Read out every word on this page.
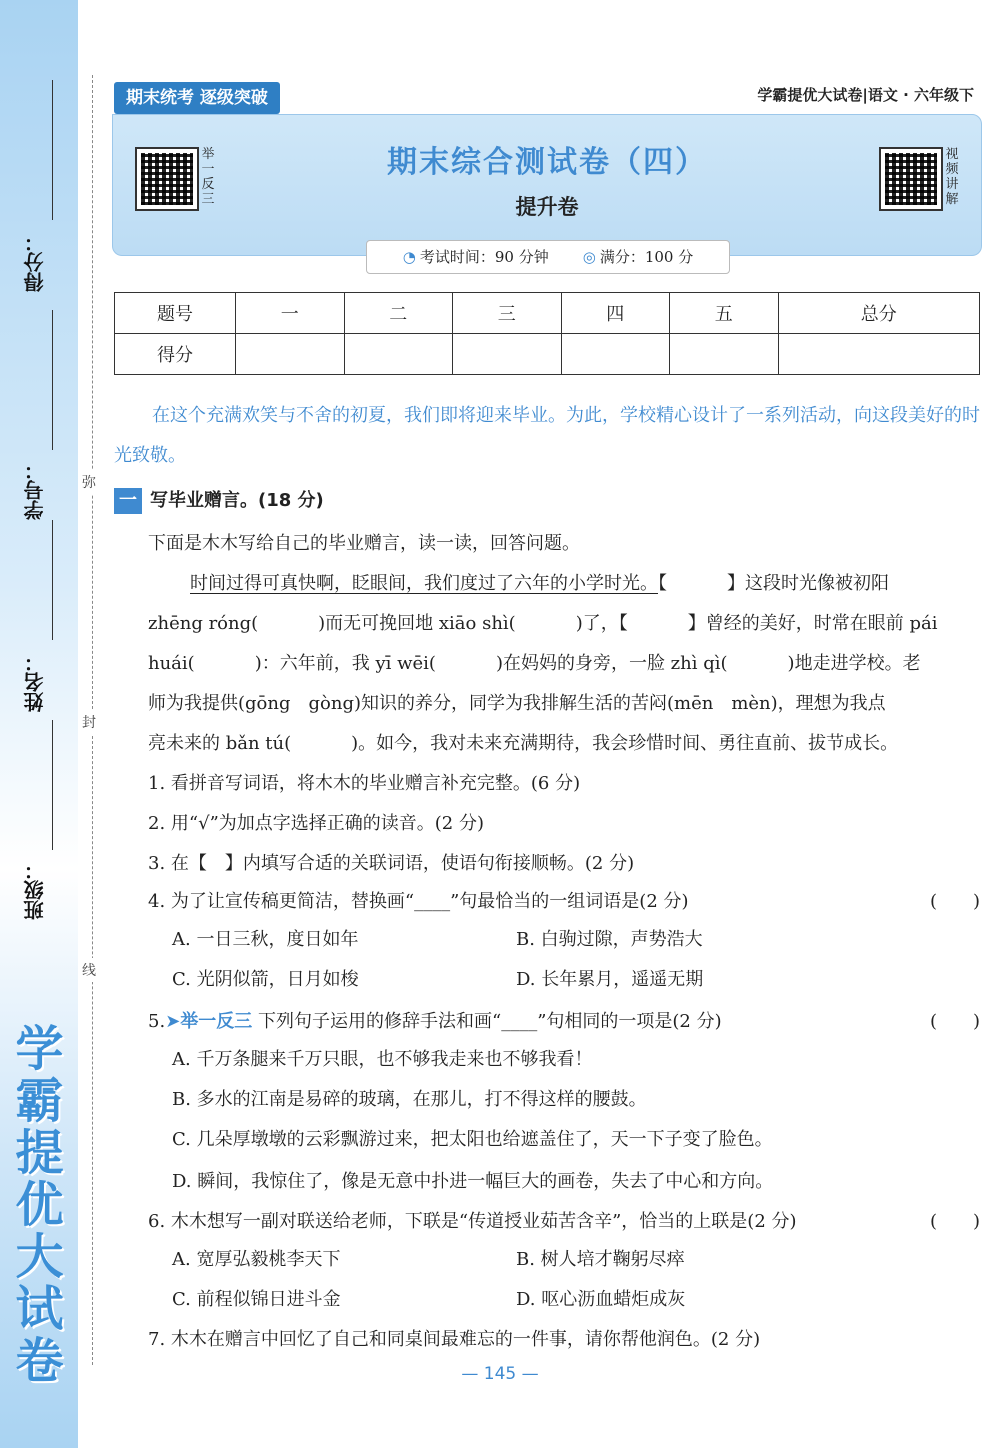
得分：
学号：
姓名：
班级：
学霸提优大试卷
弥
封
线
举一反三
期末综合测试卷（四）
提升卷
视频讲解
期末统考 逐级突破	学霸提优大试卷|语文 · 六年级下
◔ 考试时间：90 分钟 ◎ 满分：100 分
题号	一	二	三	四	五	总分
得分						
在这个充满欢笑与不舍的初夏，我们即将迎来毕业。为此，学校精心设计了一系列活动，向这段美好的时光致敬。
一 写毕业赠言。(18 分)
下面是木木写给自己的毕业赠言，读一读，回答问题。
时间过得可真快啊，眨眼间，我们度过了六年的小学时光。【	】这段时光像被初阳
zhēng róng(	)而无可挽回地 xiāo shì(	)了，【	】曾经的美好，时常在眼前 pái
huái(	)：六年前，我 yī wēi(	)在妈妈的身旁，一脸 zhì qì(	)地走进学校。老
师为我提供(gōng　gòng)知识的养分，同学为我排解生活的苦闷(mēn　mèn)，理想为我点
亮未来的 bǎn tú(	)。如今，我对未来充满期待，我会珍惜时间、勇往直前、拔节成长。
1. 看拼音写词语，将木木的毕业赠言补充完整。(6 分)
2. 用“√”为加点字选择正确的读音。(2 分)
3. 在【　】内填写合适的关联词语，使语句衔接顺畅。(2 分)
4. 为了让宣传稿更简洁，替换画“____”句最恰当的一组词语是(2 分)	(　　)
A. 一日三秋，度日如年	B. 白驹过隙，声势浩大
C. 光阴似箭，日月如梭	D. 长年累月，遥遥无期
5.➤举一反三 下列句子运用的修辞手法和画“____”句相同的一项是(2 分)	(　　)
A. 千万条腿来千万只眼，也不够我走来也不够我看！
B. 多水的江南是易碎的玻璃，在那儿，打不得这样的腰鼓。
C. 几朵厚墩墩的云彩飘游过来，把太阳也给遮盖住了，天一下子变了脸色。
D. 瞬间，我惊住了，像是无意中扑进一幅巨大的画卷，失去了中心和方向。
6. 木木想写一副对联送给老师，下联是“传道授业茹苦含辛”，恰当的上联是(2 分)	(　　)
A. 宽厚弘毅桃李天下	B. 树人培才鞠躬尽瘁
C. 前程似锦日进斗金	D. 呕心沥血蜡炬成灰
7. 木木在赠言中回忆了自己和同桌间最难忘的一件事，请你帮他润色。(2 分)
— 145 —
